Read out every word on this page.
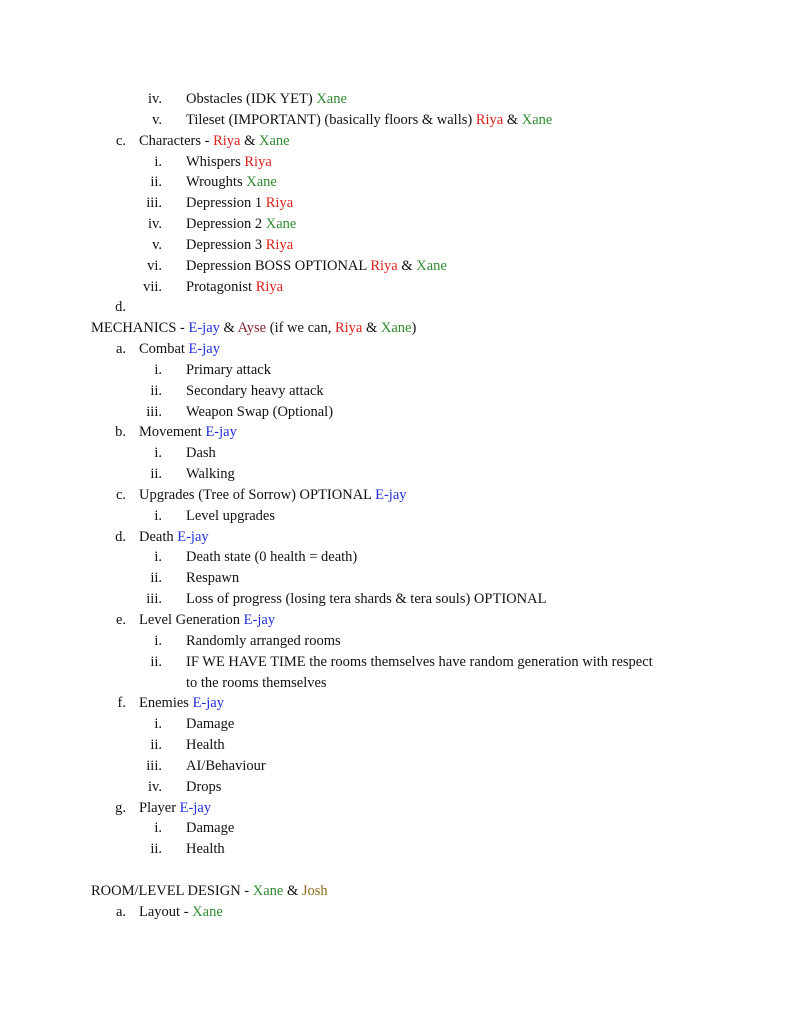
iv. Obstacles (IDK YET) Xane
v. Tileset (IMPORTANT) (basically floors & walls) Riya & Xane
c. Characters - Riya & Xane
i. Whispers Riya
ii. Wroughts Xane
iii. Depression 1 Riya
iv. Depression 2 Xane
v. Depression 3 Riya
vi. Depression BOSS OPTIONAL Riya & Xane
vii. Protagonist Riya
d.
MECHANICS - E-jay & Ayse (if we can, Riya & Xane)
a. Combat E-jay
i. Primary attack
ii. Secondary heavy attack
iii. Weapon Swap (Optional)
b. Movement E-jay
i. Dash
ii. Walking
c. Upgrades (Tree of Sorrow) OPTIONAL E-jay
i. Level upgrades
d. Death E-jay
i. Death state (0 health = death)
ii. Respawn
iii. Loss of progress (losing tera shards & tera souls) OPTIONAL
e. Level Generation E-jay
i. Randomly arranged rooms
ii. IF WE HAVE TIME the rooms themselves have random generation with respect
to the rooms themselves
f. Enemies E-jay
i. Damage
ii. Health
iii. AI/Behaviour
iv. Drops
g. Player E-jay
i. Damage
ii. Health
ROOM/LEVEL DESIGN - Xane & Josh
a. Layout - Xane
